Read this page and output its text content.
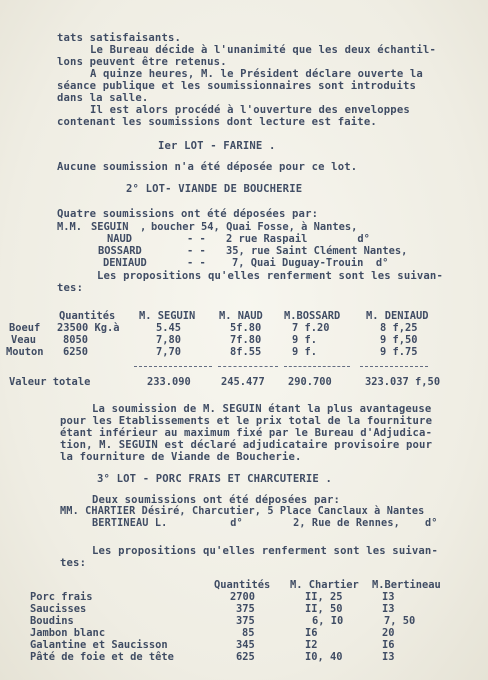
tats satisfaisants.
Le Bureau décide à l'unanimité que les deux échantil-
lons peuvent être retenus.
A quinze heures, M. le Président déclare ouverte la
séance publique et les soumissionnaires sont introduits
dans la salle.
Il est alors procédé à l'ouverture des enveloppes
contenant les soumissions dont lecture est faite.
Ier LOT - FARINE .
Aucune soumission n'a été déposée pour ce lot.
2° LOT- VIANDE DE BOUCHERIE
Quatre soumissions ont été déposées par:
M.M. SEGUIN , boucher 54, Quai Fosse, à Nantes,
NAUD	- - 2 rue Raspail        d°
BOSSARD	- - 35, rue Saint Clément Nantes,
DENIAUD	- -	7, Quai Duguay-Trouin  d°
Les propositions qu'elles renferment sont les suivan-
tes:
Quantités M. SEGUIN M. NAUD M.BOSSARD M. DENIAUD
Boeuf 23500 Kg.à	5.45	5f.80	7 f.20	8 f,25
Veau	8050	7,80	7f.80	9 f.	9 f,50
Mouton 6250	7,70	8f.55	9 f.	9 f.75
Valeur totale	233.090	245.477 290.700	323.037 f,50
La soumission de M. SEGUIN étant la plus avantageuse
pour les Etablissements et le prix total de la fourniture
étant inférieur au maximum fixé par le Bureau d'Adjudica-
tion, M. SEGUIN est déclaré adjudicataire provisoire pour
la fourniture de Viande de Boucherie.
3° LOT - PORC FRAIS ET CHARCUTERIE .
Deux soumissions ont été déposées par:
MM. CHARTIER Désiré, Charcutier, 5 Place Canclaux à Nantes
BERTINEAU L.          d°        2, Rue de Rennes,    d°
Les propositions qu'elles renferment sont les suivan-
tes:
Quantités M. Chartier M.Bertineau
Porc frais	2700	II, 25	I3
Saucisses	375	II, 50	I3
Boudins	375	6, I0	7, 50
Jambon blanc	85	I6	20
Galantine et Saucisson	345	I2	I6
Pâté de foie et de tête	625	I0, 40	I3
